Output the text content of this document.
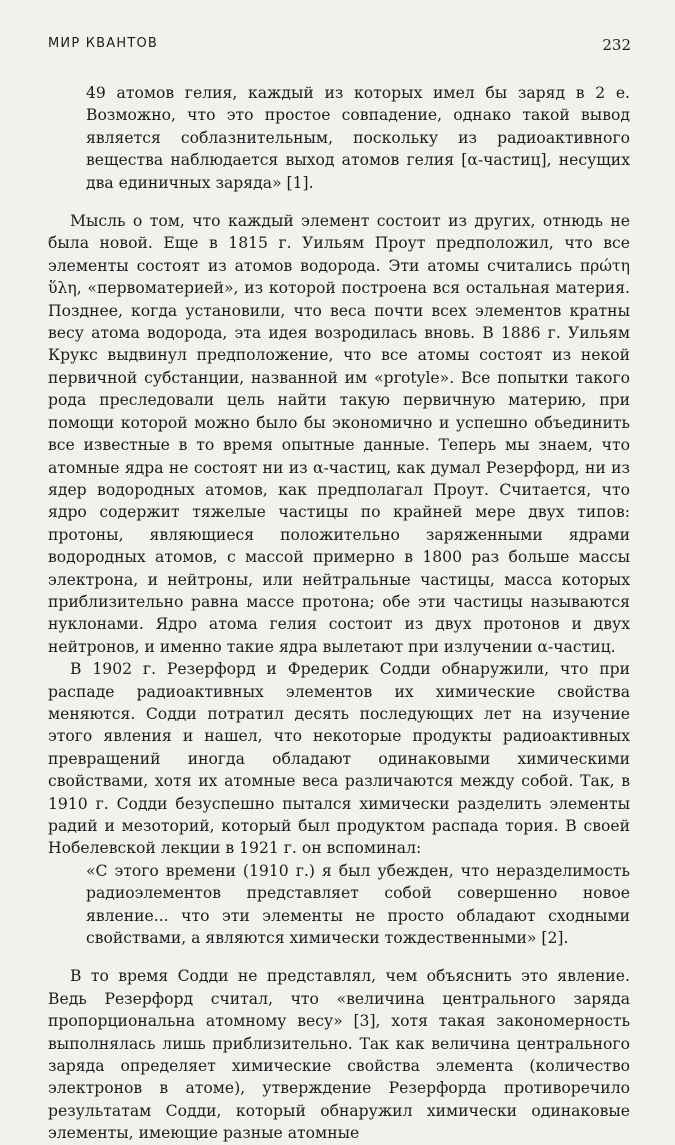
МИР КВАНТОВ	232

49 атомов гелия, каждый из которых имел бы заряд в 2 e. Возможно, что это простое совпадение, однако такой вывод является соблазнительным, поскольку из радиоактивного вещества наблюдается выход атомов гелия [α-частиц], несущих два единичных заряда» [1].

Мысль о том, что каждый элемент состоит из других, отнюдь не была новой. Еще в 1815 г. Уильям Проут предположил, что все элементы состоят из атомов водорода. Эти атомы считались πρώτη ὕλη, «первоматерией», из которой построена вся остальная материя. Позднее, когда установили, что веса почти всех элементов кратны весу атома водорода, эта идея возродилась вновь. В 1886 г. Уильям Крукс выдвинул предположение, что все атомы состоят из некой первичной субстанции, названной им «protyle». Все попытки такого рода преследовали цель найти такую первичную материю, при помощи которой можно было бы экономично и успешно объединить все известные в то время опытные данные. Теперь мы знаем, что атомные ядра не состоят ни из α-частиц, как думал Резерфорд, ни из ядер водородных атомов, как предполагал Проут. Считается, что ядро содержит тяжелые частицы по крайней мере двух типов: протоны, являющиеся положительно заряженными ядрами водородных атомов, с массой примерно в 1800 раз больше массы электрона, и нейтроны, или нейтральные частицы, масса которых приблизительно равна массе протона; обе эти частицы называются нуклонами. Ядро атома гелия состоит из двух протонов и двух нейтронов, и именно такие ядра вылетают при излучении α-частиц.

В 1902 г. Резерфорд и Фредерик Содди обнаружили, что при распаде радиоактивных элементов их химические свойства меняются. Содди потратил десять последующих лет на изучение этого явления и нашел, что некоторые продукты радиоактивных превращений иногда обладают одинаковыми химическими свойствами, хотя их атомные веса различаются между собой. Так, в 1910 г. Содди безуспешно пытался химически разделить элементы радий и мезоторий, который был продуктом распада тория. В своей Нобелевской лекции в 1921 г. он вспоминал:

«С этого времени (1910 г.) я был убежден, что неразделимость радиоэлементов представляет собой совершенно новое явление... что эти элементы не просто обладают сходными свойствами, а являются химически тождественными» [2].

В то время Содди не представлял, чем объяснить это явление. Ведь Резерфорд считал, что «величина центрального заряда пропорциональна атомному весу» [3], хотя такая закономерность выполнялась лишь приблизительно. Так как величина центрального заряда определяет химические свойства элемента (количество электронов в атоме), утверждение Резерфорда противоречило результатам Содди, который обнаружил химически одинаковые элементы, имеющие разные атомные
